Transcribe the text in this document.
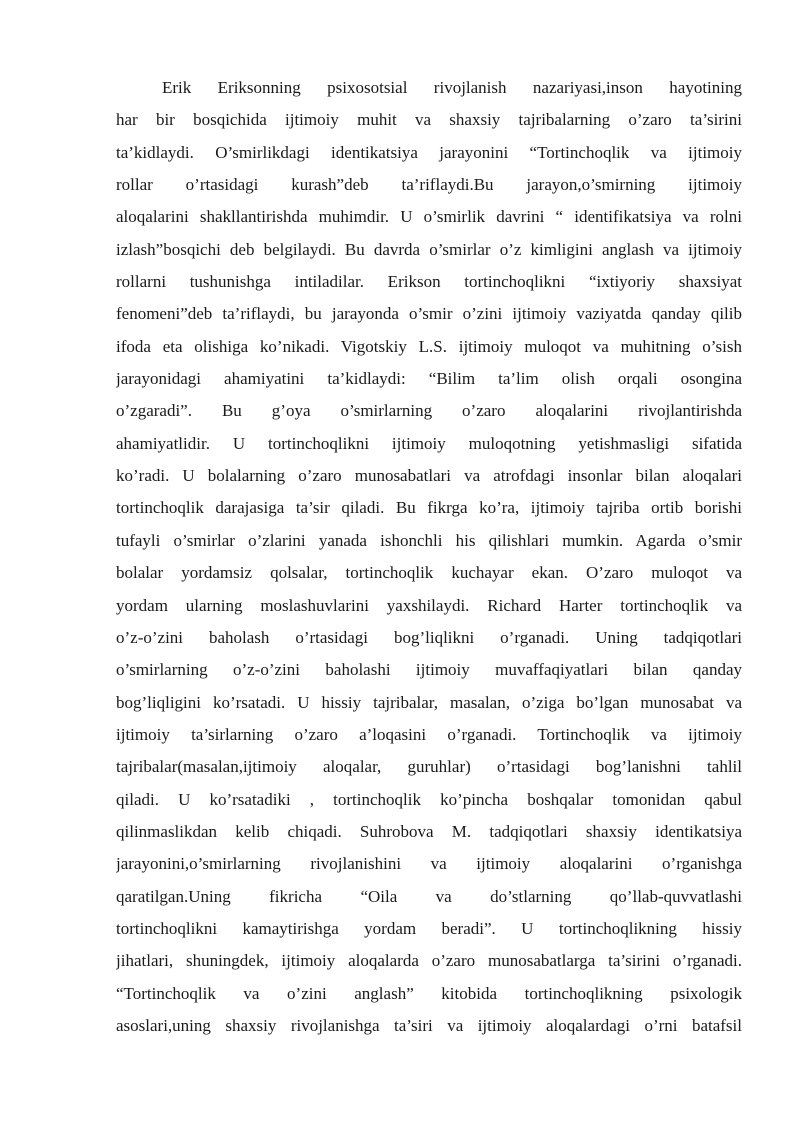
Erik Eriksonning psixosotsial rivojlanish nazariyasi,inson hayotining
har bir bosqichida ijtimoiy muhit va shaxsiy tajribalarning o’zaro ta’sirini
ta’kidlaydi. O’smirlikdagi identikatsiya jarayonini “Tortinchoqlik va ijtimoiy
rollar o’rtasidagi kurash”deb ta’riflaydi.Bu jarayon,o’smirning ijtimoiy
aloqalarini shakllantirishda muhimdir. U o’smirlik davrini “ identifikatsiya va rolni
izlash”bosqichi deb belgilaydi. Bu davrda o’smirlar o’z kimligini anglash va ijtimoiy
rollarni tushunishga intiladilar. Erikson tortinchoqlikni “ixtiyoriy shaxsiyat
fenomeni”deb ta’riflaydi, bu jarayonda o’smir o’zini ijtimoiy vaziyatda qanday qilib
ifoda eta olishiga ko’nikadi. Vigotskiy L.S. ijtimoiy muloqot va muhitning o’sish
jarayonidagi ahamiyatini ta’kidlaydi: “Bilim ta’lim olish orqali osongina
o’zgaradi”. Bu g’oya o’smirlarning o’zaro aloqalarini rivojlantirishda
ahamiyatlidir. U tortinchoqlikni ijtimoiy muloqotning yetishmasligi sifatida
ko’radi. U bolalarning o’zaro munosabatlari va atrofdagi insonlar bilan aloqalari
tortinchoqlik darajasiga ta’sir qiladi. Bu fikrga ko’ra, ijtimoiy tajriba ortib borishi
tufayli o’smirlar o’zlarini yanada ishonchli his qilishlari mumkin. Agarda o’smir
bolalar yordamsiz qolsalar, tortinchoqlik kuchayar ekan. O’zaro muloqot va
yordam ularning moslashuvlarini yaxshilaydi. Richard Harter tortinchoqlik va
o’z-o’zini baholash o’rtasidagi bog’liqlikni o’rganadi. Uning tadqiqotlari
o’smirlarning o’z-o’zini baholashi ijtimoiy muvaffaqiyatlari bilan qanday
bog’liqligini ko’rsatadi. U hissiy tajribalar, masalan, o’ziga bo’lgan munosabat va
ijtimoiy ta’sirlarning o’zaro a’loqasini o’rganadi. Tortinchoqlik va ijtimoiy
tajribalar(masalan,ijtimoiy aloqalar, guruhlar) o’rtasidagi bog’lanishni tahlil
qiladi. U ko’rsatadiki , tortinchoqlik ko’pincha boshqalar tomonidan qabul
qilinmaslikdan kelib chiqadi. Suhrobova M. tadqiqotlari shaxsiy identikatsiya
jarayonini,o’smirlarning rivojlanishini va ijtimoiy aloqalarini o’rganishga
qaratilgan.Uning fikricha “Oila va do’stlarning qo’llab-quvvatlashi
tortinchoqlikni kamaytirishga yordam beradi”. U tortinchoqlikning hissiy
jihatlari, shuningdek, ijtimoiy aloqalarda o’zaro munosabatlarga ta’sirini o’rganadi.
“Tortinchoqlik va o’zini anglash” kitobida tortinchoqlikning psixologik
asoslari,uning shaxsiy rivojlanishga ta’siri va ijtimoiy aloqalardagi o’rni batafsil
